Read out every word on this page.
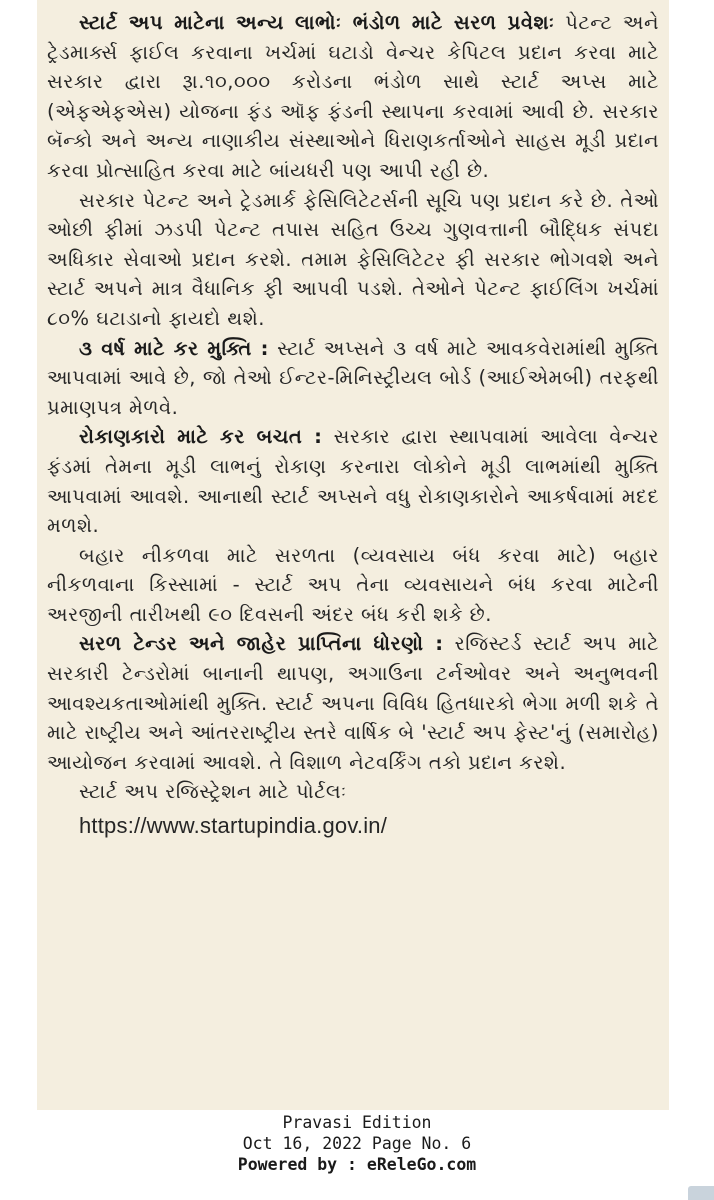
સ્ટાર્ટ અપ માટેના અન્ય લાભોઃ ભંડોળ માટે સરળ પ્રવેશઃ પેટન્ટ અને ટ્રેડમાર્ક્સ ફાઈલ કરવાના ખર્ચમાં ઘટાડો વેન્ચર કેપિટલ પ્રદાન કરવા માટે સરકાર દ્વારા રૂા.૧૦,૦૦૦ કરોડના ભંડોળ સાથે સ્ટાર્ટ અપ્સ માટે (એફએફએસ) યોજના ફંડ ઑફ ફંડની સ્થાપના કરવામાં આવી છે. સરકાર બૅન્કો અને અન્ય નાણાકીય સંસ્થાઓને ધિરાણકર્તાઓને સાહસ મૂડી પ્રદાન કરવા પ્રોત્સાહિત કરવા માટે બાંયધરી પણ આપી રહી છે.

સરકાર પેટન્ટ અને ટ્રેડમાર્ક ફેસિલિટેટર્સની સૂચિ પણ પ્રદાન કરે છે. તેઓ ઓછી ફીમાં ઝડપી પેટન્ટ તપાસ સહિત ઉચ્ચ ગુણવત્તાની બૌદ્ધિક સંપદા અધિકાર સેવાઓ પ્રદાન કરશે. તમામ ફેસિલિટેટર ફી સરકાર ભોગવશે અને સ્ટાર્ટ અપને માત્ર વૈધાનિક ફી આપવી પડશે. તેઓને પેટન્ટ ફાઈલિંગ ખર્ચમાં ૮૦% ઘટાડાનો ફાયદો થશે.

૩ વર્ષ માટે કર મુક્તિ : સ્ટાર્ટ અપ્સને ૩ વર્ષ માટે આવકવેરામાંથી મુક્તિ આપવામાં આવે છે, જો તેઓ ઈન્ટર-મિનિસ્ટ્રીયલ બોર્ડ (આઈએમબી) તરફથી પ્રમાણપત્ર મેળવે.

રોકાણકારો માટે કર બચત : સરકાર દ્વારા સ્થાપવામાં આવેલા વેન્ચર ફંડમાં તેમના મૂડી લાભનું રોકાણ કરનારા લોકોને મૂડી લાભમાંથી મુક્તિ આપવામાં આવશે. આનાથી સ્ટાર્ટ અપ્સને વધુ રોકાણકારોને આકર્ષવામાં મદદ મળશે.

બહાર નીકળવા માટે સરળતા (વ્યવસાય બંધ કરવા માટે) બહાર નીકળવાના કિસ્સામાં - સ્ટાર્ટ અપ તેના વ્યવસાયને બંધ કરવા માટેની અરજીની તારીખથી ૯૦ દિવસની અંદર બંધ કરી શકે છે.

સરળ ટેન્ડર અને જાહેર પ્રાપ્તિના ધોરણો : રજિસ્ટર્ડ સ્ટાર્ટ અપ માટે સરકારી ટેન્ડરોમાં બાનાની થાપણ, અગાઉના ટર્નઓવર અને અનુભવની આવશ્યકતાઓમાંથી મુક્તિ. સ્ટાર્ટ અપના વિવિધ હિતધારકો ભેગા મળી શકે તે માટે રાષ્ટ્રીય અને આંતરરાષ્ટ્રીય સ્તરે વાર્ષિક બે 'સ્ટાર્ટ અપ ફેસ્ટ'નું (સમારોહ) આયોજન કરવામાં આવશે. તે વિશાળ નેટવર્કિંગ તકો પ્રદાન કરશે.

સ્ટાર્ટ અપ રજિસ્ટ્રેશન માટે પોર્ટલઃ

https://www.startupindia.gov.in/

Pravasi Edition
Oct 16, 2022 Page No. 6
Powered by : eReleGo.com
